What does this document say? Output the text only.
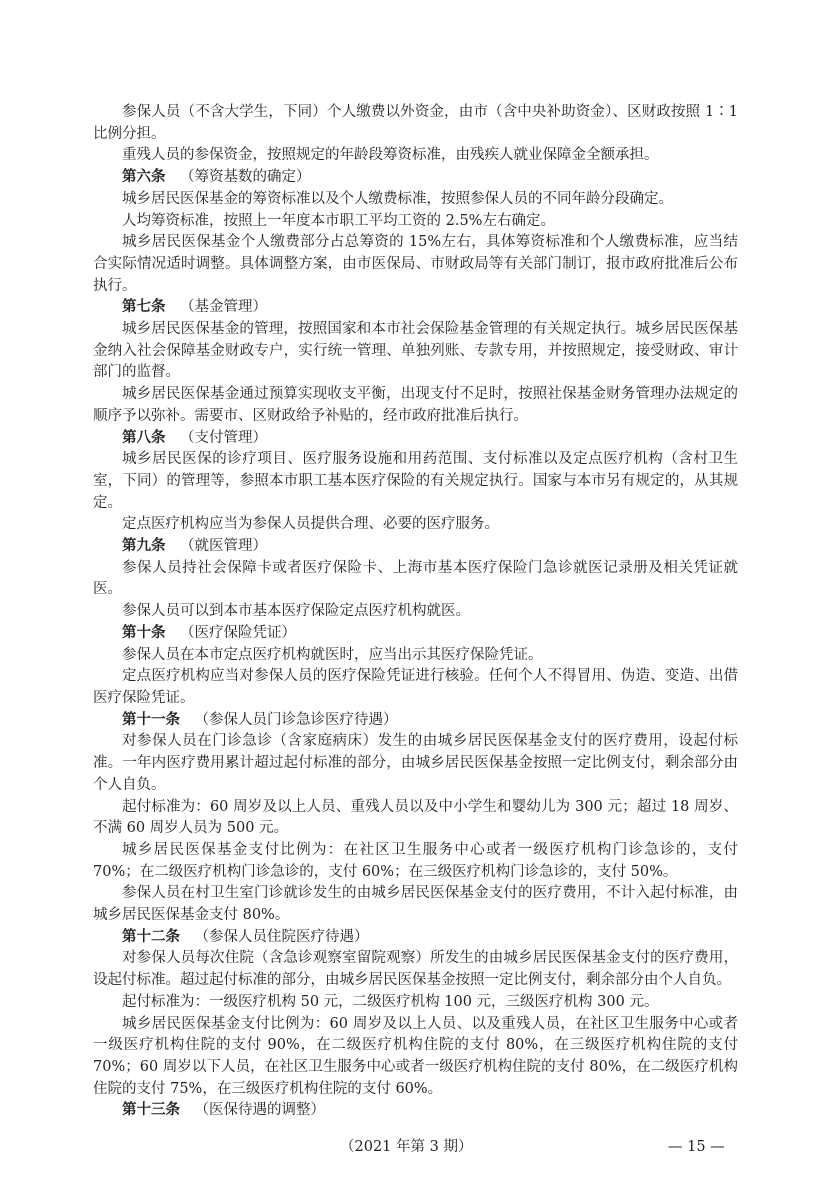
参保人员（不含大学生，下同）个人缴费以外资金，由市（含中央补助资金）、区财政按照 1∶1 比例分担。

重残人员的参保资金，按照规定的年龄段筹资标准，由残疾人就业保障金全额承担。

第六条 （筹资基数的确定）

城乡居民医保基金的筹资标准以及个人缴费标准，按照参保人员的不同年龄分段确定。

人均筹资标准，按照上一年度本市职工平均工资的 2.5%左右确定。

城乡居民医保基金个人缴费部分占总筹资的 15%左右，具体筹资标准和个人缴费标准，应当结合实际情况适时调整。具体调整方案，由市医保局、市财政局等有关部门制订，报市政府批准后公布执行。

第七条 （基金管理）

城乡居民医保基金的管理，按照国家和本市社会保险基金管理的有关规定执行。城乡居民医保基金纳入社会保障基金财政专户，实行统一管理、单独列账、专款专用，并按照规定，接受财政、审计部门的监督。

城乡居民医保基金通过预算实现收支平衡，出现支付不足时，按照社保基金财务管理办法规定的顺序予以弥补。需要市、区财政给予补贴的，经市政府批准后执行。

第八条 （支付管理）

城乡居民医保的诊疗项目、医疗服务设施和用药范围、支付标准以及定点医疗机构（含村卫生室，下同）的管理等，参照本市职工基本医疗保险的有关规定执行。国家与本市另有规定的，从其规定。

定点医疗机构应当为参保人员提供合理、必要的医疗服务。

第九条 （就医管理）

参保人员持社会保障卡或者医疗保险卡、上海市基本医疗保险门急诊就医记录册及相关凭证就医。

参保人员可以到本市基本医疗保险定点医疗机构就医。

第十条 （医疗保险凭证）

参保人员在本市定点医疗机构就医时，应当出示其医疗保险凭证。

定点医疗机构应当对参保人员的医疗保险凭证进行核验。任何个人不得冒用、伪造、变造、出借医疗保险凭证。

第十一条 （参保人员门诊急诊医疗待遇）

对参保人员在门诊急诊（含家庭病床）发生的由城乡居民医保基金支付的医疗费用，设起付标准。一年内医疗费用累计超过起付标准的部分，由城乡居民医保基金按照一定比例支付，剩余部分由个人自负。

起付标准为：60 周岁及以上人员、重残人员以及中小学生和婴幼儿为 300 元；超过 18 周岁、不满 60 周岁人员为 500 元。

城乡居民医保基金支付比例为：在社区卫生服务中心或者一级医疗机构门诊急诊的，支付 70%；在二级医疗机构门诊急诊的，支付 60%；在三级医疗机构门诊急诊的，支付 50%。

参保人员在村卫生室门诊就诊发生的由城乡居民医保基金支付的医疗费用，不计入起付标准，由城乡居民医保基金支付 80%。

第十二条 （参保人员住院医疗待遇）

对参保人员每次住院（含急诊观察室留院观察）所发生的由城乡居民医保基金支付的医疗费用，设起付标准。超过起付标准的部分，由城乡居民医保基金按照一定比例支付，剩余部分由个人自负。

起付标准为：一级医疗机构 50 元，二级医疗机构 100 元，三级医疗机构 300 元。

城乡居民医保基金支付比例为：60 周岁及以上人员、以及重残人员，在社区卫生服务中心或者一级医疗机构住院的支付 90%，在二级医疗机构住院的支付 80%，在三级医疗机构住院的支付 70%；60 周岁以下人员，在社区卫生服务中心或者一级医疗机构住院的支付 80%，在二级医疗机构住院的支付 75%，在三级医疗机构住院的支付 60%。

第十三条 （医保待遇的调整）

（2021 年第 3 期）	— 15 —
